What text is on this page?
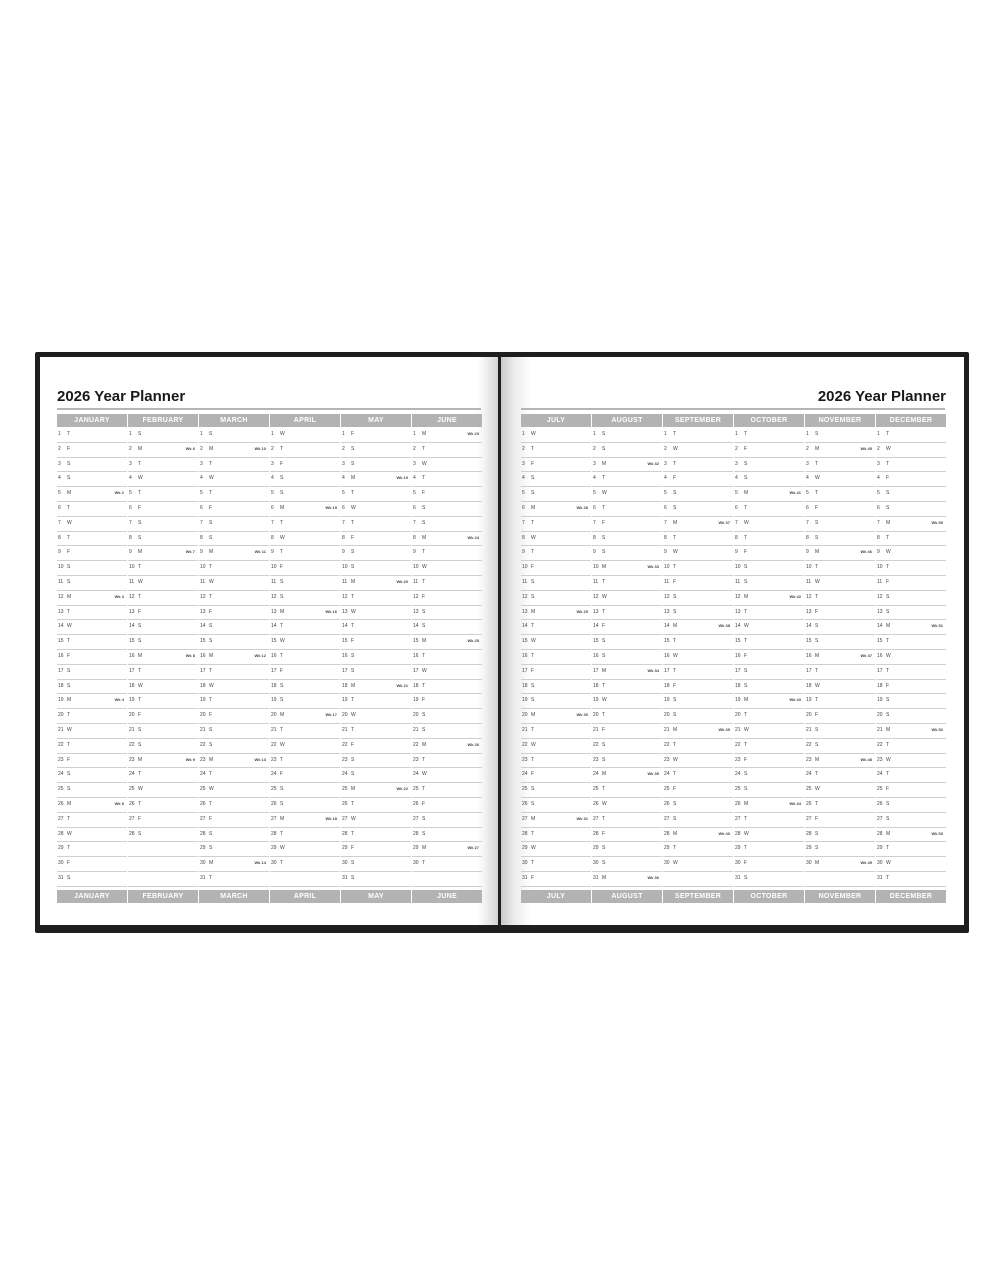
2026 Year Planner
JANUARY
1 T
2 F
3 S
4 S
5 M	Wk 2
6 T
7 W
8 T
9 F
10 S
11 S
12 M	Wk 3
13 T
14 W
15 T
16 F
17 S
18 S
19 M	Wk 4
20 T
21 W
22 T
23 F
24 S
25 S
26 M	Wk 5
27 T
28 W
29 T
30 F
31 S
JANUARY
FEBRUARY
1 S
2 M	Wk 6
3 T
4 W
5 T
6 F
7 S
8 S
9 M	Wk 7
10 T
11 W
12 T
13 F
14 S
15 S
16 M	Wk 8
17 T
18 W
19 T
20 F
21 S
22 S
23 M	Wk 9
24 T
25 W
26 T
27 F
28 S
FEBRUARY
MARCH
1 S
2 M	Wk 10
3 T
4 W
5 T
6 F
7 S
8 S
9 M	Wk 11
10 T
11 W
12 T
13 F
14 S
15 S
16 M	Wk 12
17 T
18 W
19 T
20 F
21 S
22 S
23 M	Wk 13
24 T
25 W
26 T
27 F
28 S
29 S
30 M	Wk 14
31 T
MARCH
APRIL
1 W
2 T
3 F
4 S
5 S
6 M	Wk 15
7 T
8 W
9 T
10 F
11 S
12 S
13 M	Wk 16
14 T
15 W
16 T
17 F
18 S
19 S
20 M	Wk 17
21 T
22 W
23 T
24 F
25 S
26 S
27 M	Wk 18
28 T
29 W
30 T
APRIL
MAY
1 F
2 S
3 S
4 M	Wk 19
5 T
6 W
7 T
8 F
9 S
10 S
11 M	Wk 20
12 T
13 W
14 T
15 F
16 S
17 S
18 M	Wk 21
19 T
20 W
21 T
22 F
23 S
24 S
25 M	Wk 22
26 T
27 W
28 T
29 F
30 S
31 S
MAY
JUNE
1 M	Wk 23
2 T
3 W
4 T
5 F
6 S
7 S
8 M	Wk 24
9 T
10 W
11 T
12 F
13 S
14 S
15 M	Wk 25
16 T
17 W
18 T
19 F
20 S
21 S
22 M	Wk 26
23 T
24 W
25 T
26 F
27 S
28 S
29 M	Wk 27
30 T
JUNE
2026 Year Planner
JULY
1 W
2 T
3 F
4 S
5 S
6 M	Wk 28
7 T
8 W
9 T
10 F
11 S
12 S
13 M	Wk 29
14 T
15 W
16 T
17 F
18 S
19 S
20 M	Wk 30
21 T
22 W
23 T
24 F
25 S
26 S
27 M	Wk 31
28 T
29 W
30 T
31 F
JULY
AUGUST
1 S
2 S
3 M	Wk 32
4 T
5 W
6 T
7 F
8 S
9 S
10 M	Wk 33
11 T
12 W
13 T
14 F
15 S
16 S
17 M	Wk 34
18 T
19 W
20 T
21 F
22 S
23 S
24 M	Wk 35
25 T
26 W
27 T
28 F
29 S
30 S
31 M	Wk 36
AUGUST
SEPTEMBER
1 T
2 W
3 T
4 F
5 S
6 S
7 M	Wk 37
8 T
9 W
10 T
11 F
12 S
13 S
14 M	Wk 38
15 T
16 W
17 T
18 F
19 S
20 S
21 M	Wk 39
22 T
23 W
24 T
25 F
26 S
27 S
28 M	Wk 40
29 T
30 W
SEPTEMBER
OCTOBER
1 T
2 F
3 S
4 S
5 M	Wk 41
6 T
7 W
8 T
9 F
10 S
11 S
12 M	Wk 42
13 T
14 W
15 T
16 F
17 S
18 S
19 M	Wk 43
20 T
21 W
22 T
23 F
24 S
25 S
26 M	Wk 44
27 T
28 W
29 T
30 F
31 S
OCTOBER
NOVEMBER
1 S
2 M	Wk 45
3 T
4 W
5 T
6 F
7 S
8 S
9 M	Wk 46
10 T
11 W
12 T
13 F
14 S
15 S
16 M	Wk 47
17 T
18 W
19 T
20 F
21 S
22 S
23 M	Wk 48
24 T
25 W
26 T
27 F
28 S
29 S
30 M	Wk 49
NOVEMBER
DECEMBER
1 T
2 W
3 T
4 F
5 S
6 S
7 M	Wk 50
8 T
9 W
10 T
11 F
12 S
13 S
14 M	Wk 51
15 T
16 W
17 T
18 F
19 S
20 S
21 M	Wk 52
22 T
23 W
24 T
25 F
26 S
27 S
28 M	Wk 53
29 T
30 W
31 T
DECEMBER
